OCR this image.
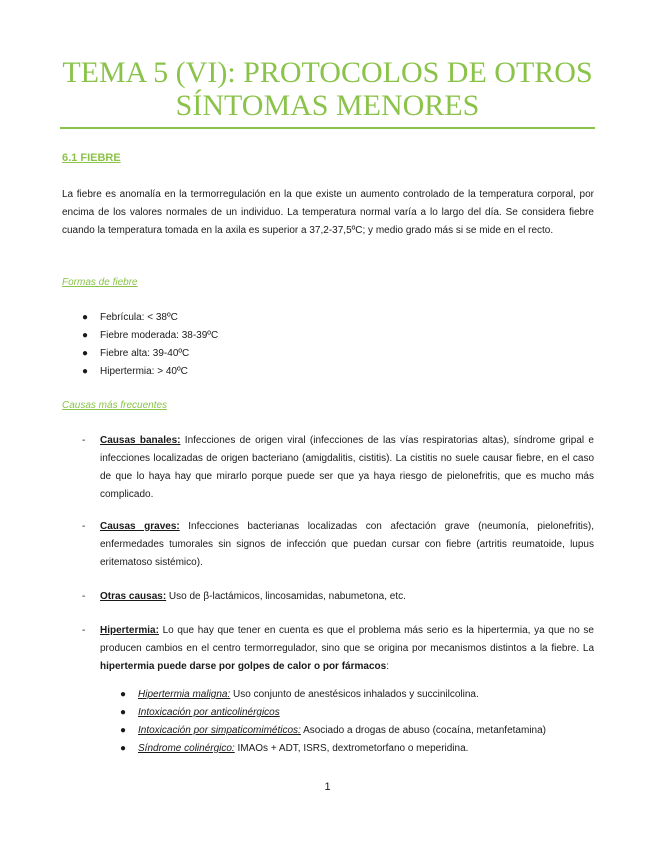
TEMA 5 (VI): PROTOCOLOS DE OTROS
SÍNTOMAS MENORES
6.1 FIEBRE
La fiebre es anomalía en la termorregulación en la que existe un aumento controlado de la temperatura corporal, por encima de los valores normales de un individuo. La temperatura normal varía a lo largo del día. Se considera fiebre cuando la temperatura tomada en la axila es superior a 37,2-37,5ºC; y medio grado más si se mide en el recto.
Formas de fiebre
● Febrícula: < 38ºC
● Fiebre moderada: 38-39ºC
● Fiebre alta: 39-40ºC
● Hipertermia: > 40ºC
Causas más frecuentes
- Causas banales: Infecciones de origen viral (infecciones de las vías respiratorias altas), síndrome gripal e infecciones localizadas de origen bacteriano (amigdalitis, cistitis). La cistitis no suele causar fiebre, en el caso de que lo haya hay que mirarlo porque puede ser que ya haya riesgo de pielonefritis, que es mucho más complicado.
- Causas graves: Infecciones bacterianas localizadas con afectación grave (neumonía, pielonefritis), enfermedades tumorales sin signos de infección que puedan cursar con fiebre (artritis reumatoide, lupus eritematoso sistémico).
- Otras causas: Uso de β-lactámicos, lincosamidas, nabumetona, etc.
- Hipertermia: Lo que hay que tener en cuenta es que el problema más serio es la hipertermia, ya que no se producen cambios en el centro termorregulador, sino que se origina por mecanismos distintos a la fiebre. La hipertermia puede darse por golpes de calor o por fármacos:
● Hipertermia maligna: Uso conjunto de anestésicos inhalados y succinilcolina.
● Intoxicación por anticolinérgicos
● Intoxicación por simpaticomiméticos: Asociado a drogas de abuso (cocaína, metanfetamina)
● Síndrome colinérgico: IMAOs + ADT, ISRS, dextrometorfano o meperidina.
1
